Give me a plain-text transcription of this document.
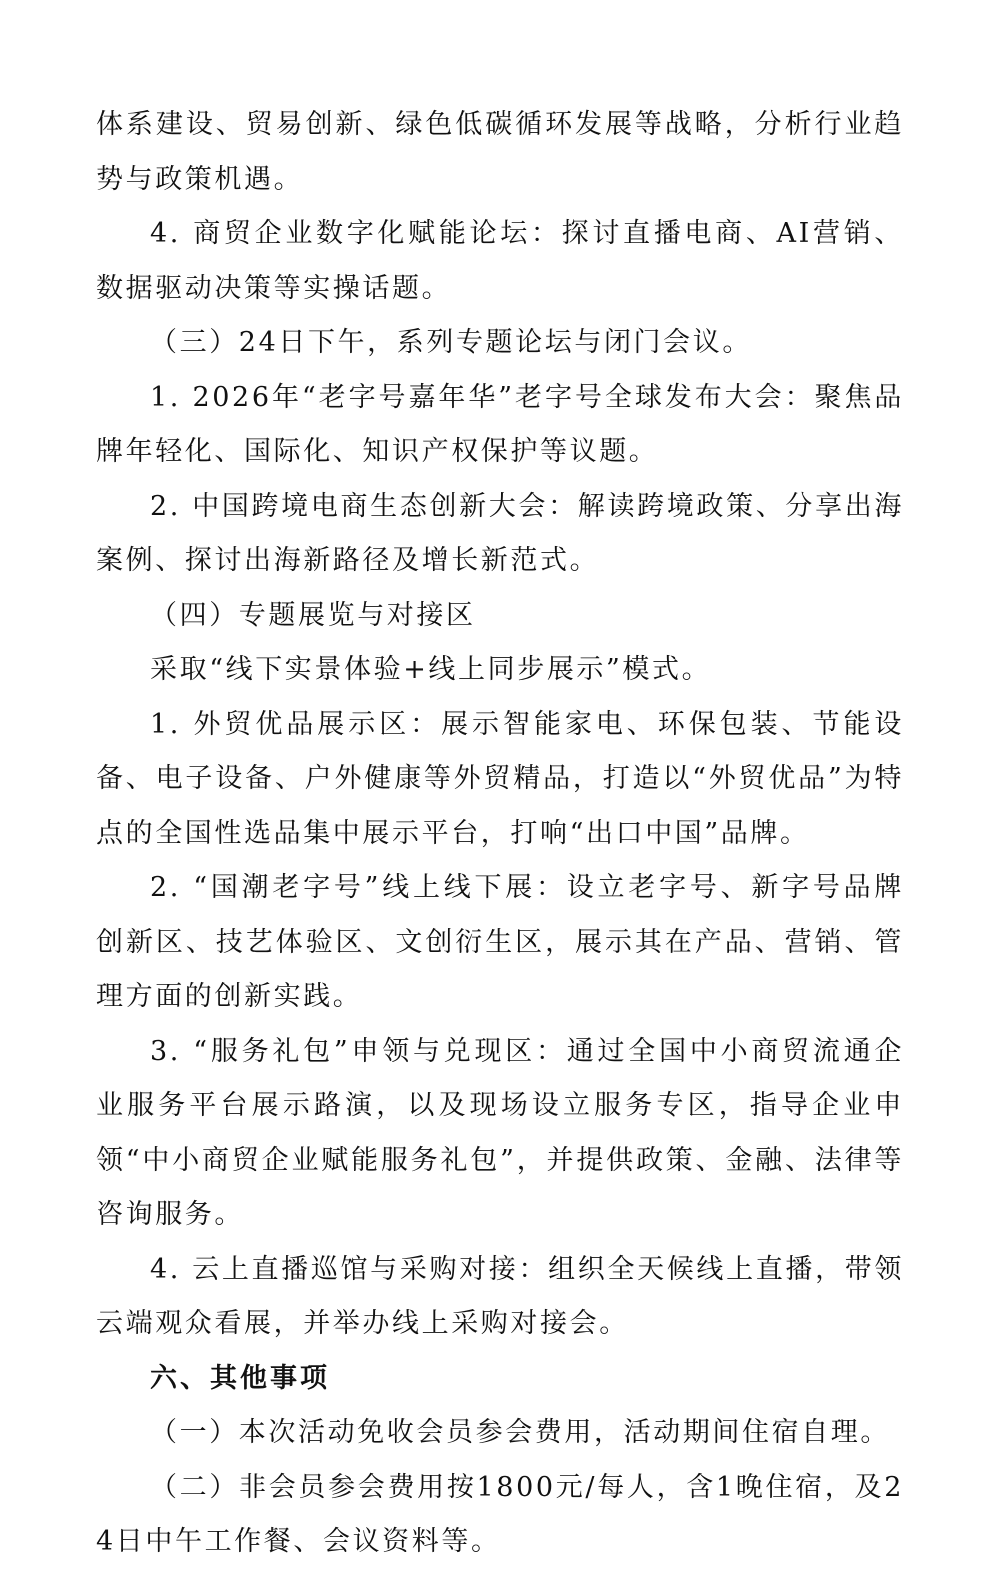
体系建设、贸易创新、绿色低碳循环发展等战略，分析行业趋势与政策机遇。

4. 商贸企业数字化赋能论坛：探讨直播电商、AI营销、数据驱动决策等实操话题。

（三）24日下午，系列专题论坛与闭门会议。

1. 2026年“老字号嘉年华”老字号全球发布大会：聚焦品牌年轻化、国际化、知识产权保护等议题。

2. 中国跨境电商生态创新大会：解读跨境政策、分享出海案例、探讨出海新路径及增长新范式。

（四）专题展览与对接区

采取“线下实景体验+线上同步展示”模式。

1. 外贸优品展示区：展示智能家电、环保包装、节能设备、电子设备、户外健康等外贸精品，打造以“外贸优品”为特点的全国性选品集中展示平台，打响“出口中国”品牌。

2. “国潮老字号”线上线下展：设立老字号、新字号品牌创新区、技艺体验区、文创衍生区，展示其在产品、营销、管理方面的创新实践。

3. “服务礼包”申领与兑现区：通过全国中小商贸流通企业服务平台展示路演，以及现场设立服务专区，指导企业申领“中小商贸企业赋能服务礼包”，并提供政策、金融、法律等咨询服务。

4. 云上直播巡馆与采购对接：组织全天候线上直播，带领云端观众看展，并举办线上采购对接会。

六、其他事项

（一）本次活动免收会员参会费用，活动期间住宿自理。

（二）非会员参会费用按1800元/每人，含1晚住宿，及24日中午工作餐、会议资料等。
